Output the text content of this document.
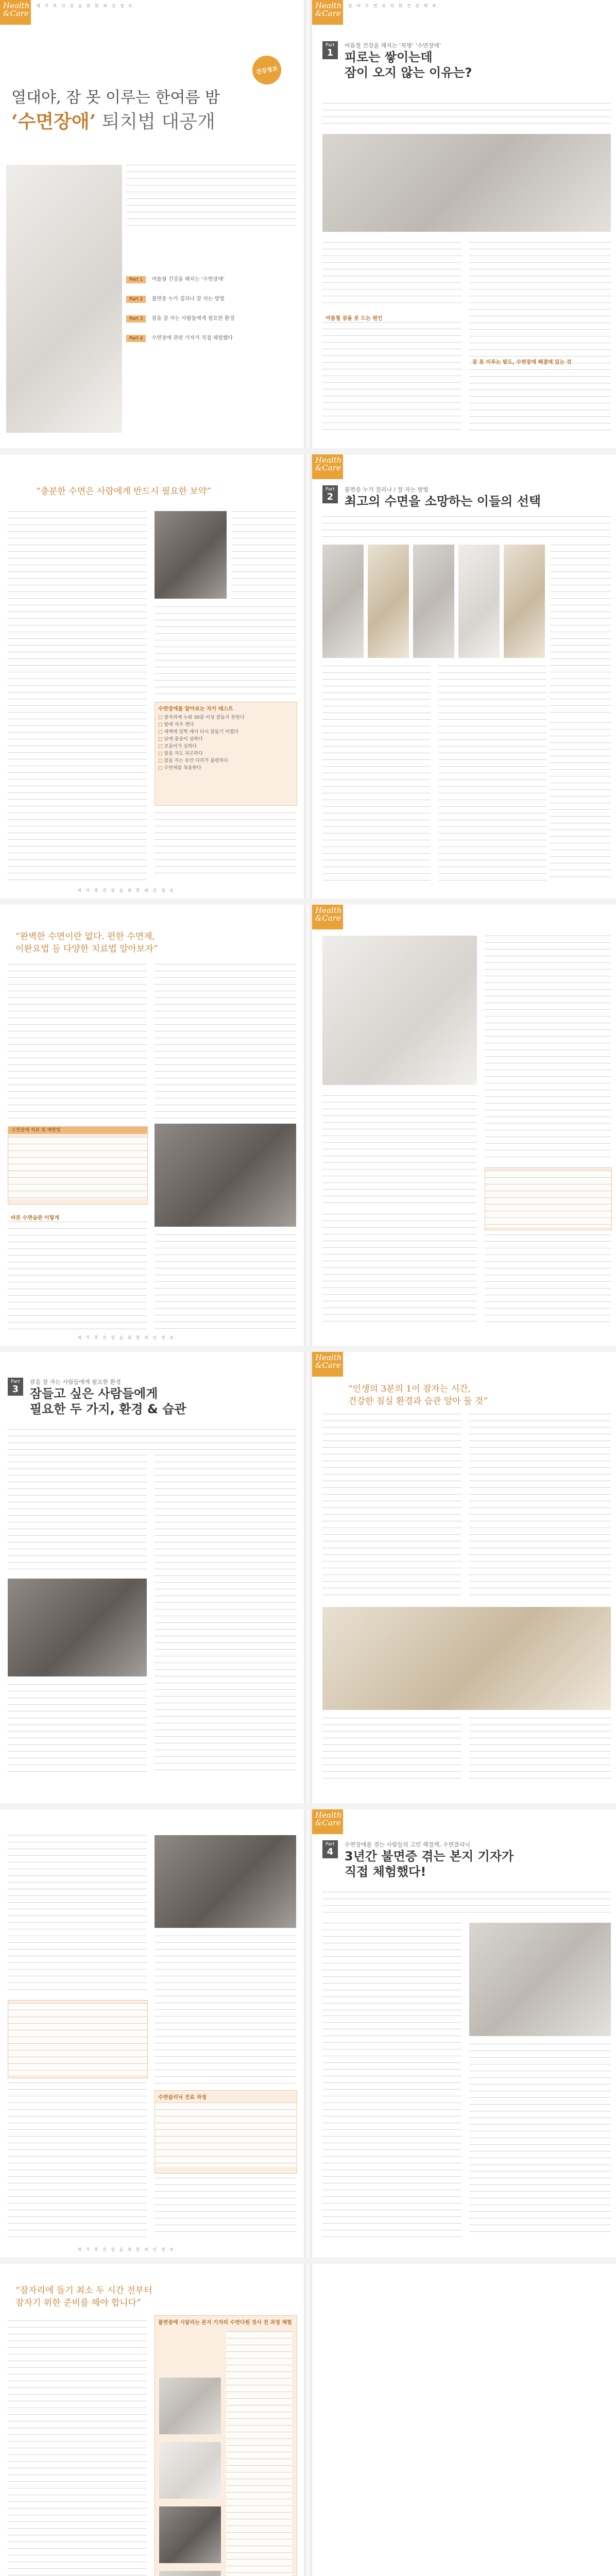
Health
&Care
세 가 족 건 강 을 위 한 최 신 정 보
건강정보
열대야, 잠 못 이루는 한여름 밤
‘수면장애’ 퇴치법 대공개
Part 1 여름철 건강을 해치는 ‘수면장애’
Part 2 불면증 누가 걸리나 잘 자는 방법
Part 3 잠을 잘 자는 사람들에게 필요한 환경
Part 4 수면장애 관련 기자가 직접 체험했다
Health
&Care
알 아 두 면 유 익 한 건 강 백 과
Part
1

여름철 건강을 해치는 ‘복병’ ‘수면장애’
피로는 쌓이는데
잠이 오지 않는 이유는?
여름철 잠을 못 드는 원인
잠 못 이루는 밤도, 수면장애 해결에 있는 것
“충분한 수면은 사람에게 반드시 필요한 보약”
수면장애를 알아보는 자가 테스트
□ 잠자리에 누워 30분 이상 잠들지 못한다
□ 밤에 자주 깬다
□ 새벽에 일찍 깨서 다시 잠들기 어렵다
□ 낮에 졸음이 심하다
□ 코골이가 심하다
□ 잠을 자도 피곤하다
□ 잠을 자는 동안 다리가 불편하다
□ 수면제를 복용한다
세 가 족 건 강 을 위 한 최 신 정 보
Health
&Care
Part
2

불면증 누가 걸리나 / 잘 자는 방법
최고의 수면을 소망하는 이들의 선택
“완벽한 수면이란 없다. 편한 수면제,
이완요법 등 다양한 치료법 알아보자”
수면장애 치료 및 예방법
바른 수면습관 이렇게
세 가 족 건 강 을 위 한 최 신 정 보
Health
&Care
Part
3

잠을 잘 자는 사람들에게 필요한 환경
잠들고 싶은 사람들에게
필요한 두 가지, 환경 & 습관
Health
&Care
“인생의 3분의 1이 잠자는 시간,
건강한 침실 환경과 습관 알아 둘 것”
수면클리닉 진료 과정
세 가 족 건 강 을 위 한 최 신 정 보
Health
&Care
Part
4

수면장애를 겪는 사람들의 고민 해결책, 수면클리닉
3년간 불면증 겪는 본지 기자가
직접 체험했다!
“잠자리에 들기 최소 두 시간 전부터
잠자기 위한 준비를 해야 합니다”
불면증에 시달리는 본지 기자의 수면다원 검사 전 과정 체험
